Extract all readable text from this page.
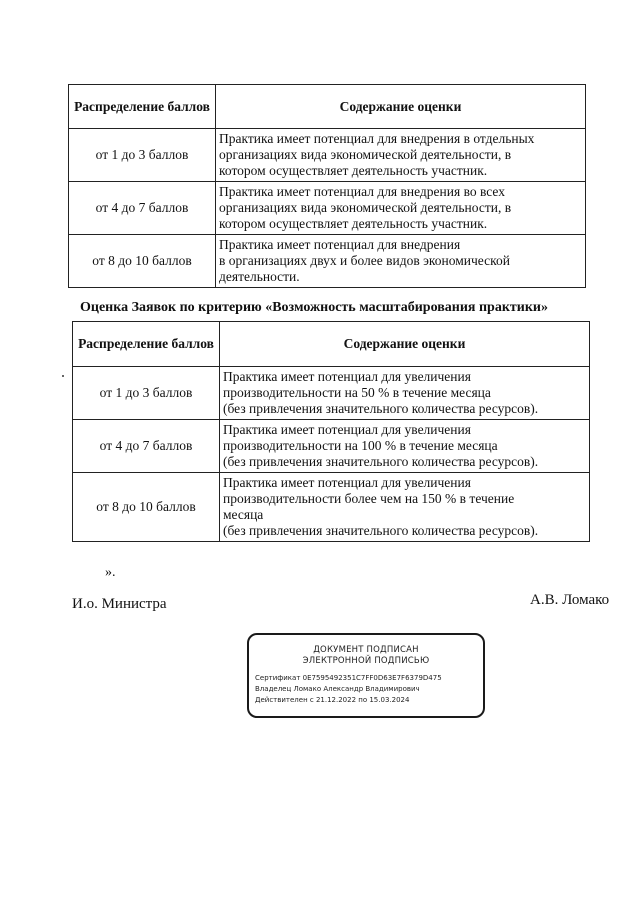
Распределение баллов	Содержание оценки
от 1 до 3 баллов	Практика имеет потенциал для внедрения в отдельных
организациях вида экономической деятельности, в
котором осуществляет деятельность участник.
от 4 до 7 баллов	Практика имеет потенциал для внедрения во всех
организациях вида экономической деятельности, в
котором осуществляет деятельность участник.
от 8 до 10 баллов	Практика имеет потенциал для внедрения
в организациях двух и более видов экономической
деятельности.
Оценка Заявок по критерию «Возможность масштабирования практики»
Распределение баллов	Содержание оценки
от 1 до 3 баллов	Практика имеет потенциал для увеличения
производительности на 50 % в течение месяца
(без привлечения значительного количества ресурсов).
от 4 до 7 баллов	Практика имеет потенциал для увеличения
производительности на 100 % в течение месяца
(без привлечения значительного количества ресурсов).
от 8 до 10 баллов	Практика имеет потенциал для увеличения
производительности более чем на 150 % в течение
месяца
(без привлечения значительного количества ресурсов).
».
И.о. Министра	А.В. Ломако
ДОКУМЕНТ ПОДПИСАН
ЭЛЕКТРОННОЙ ПОДПИСЬЮ
Сертификат 0E7595492351C7FF0D63E7F6379D475
Владелец Ломако Александр Владимирович
Действителен с 21.12.2022 по 15.03.2024
